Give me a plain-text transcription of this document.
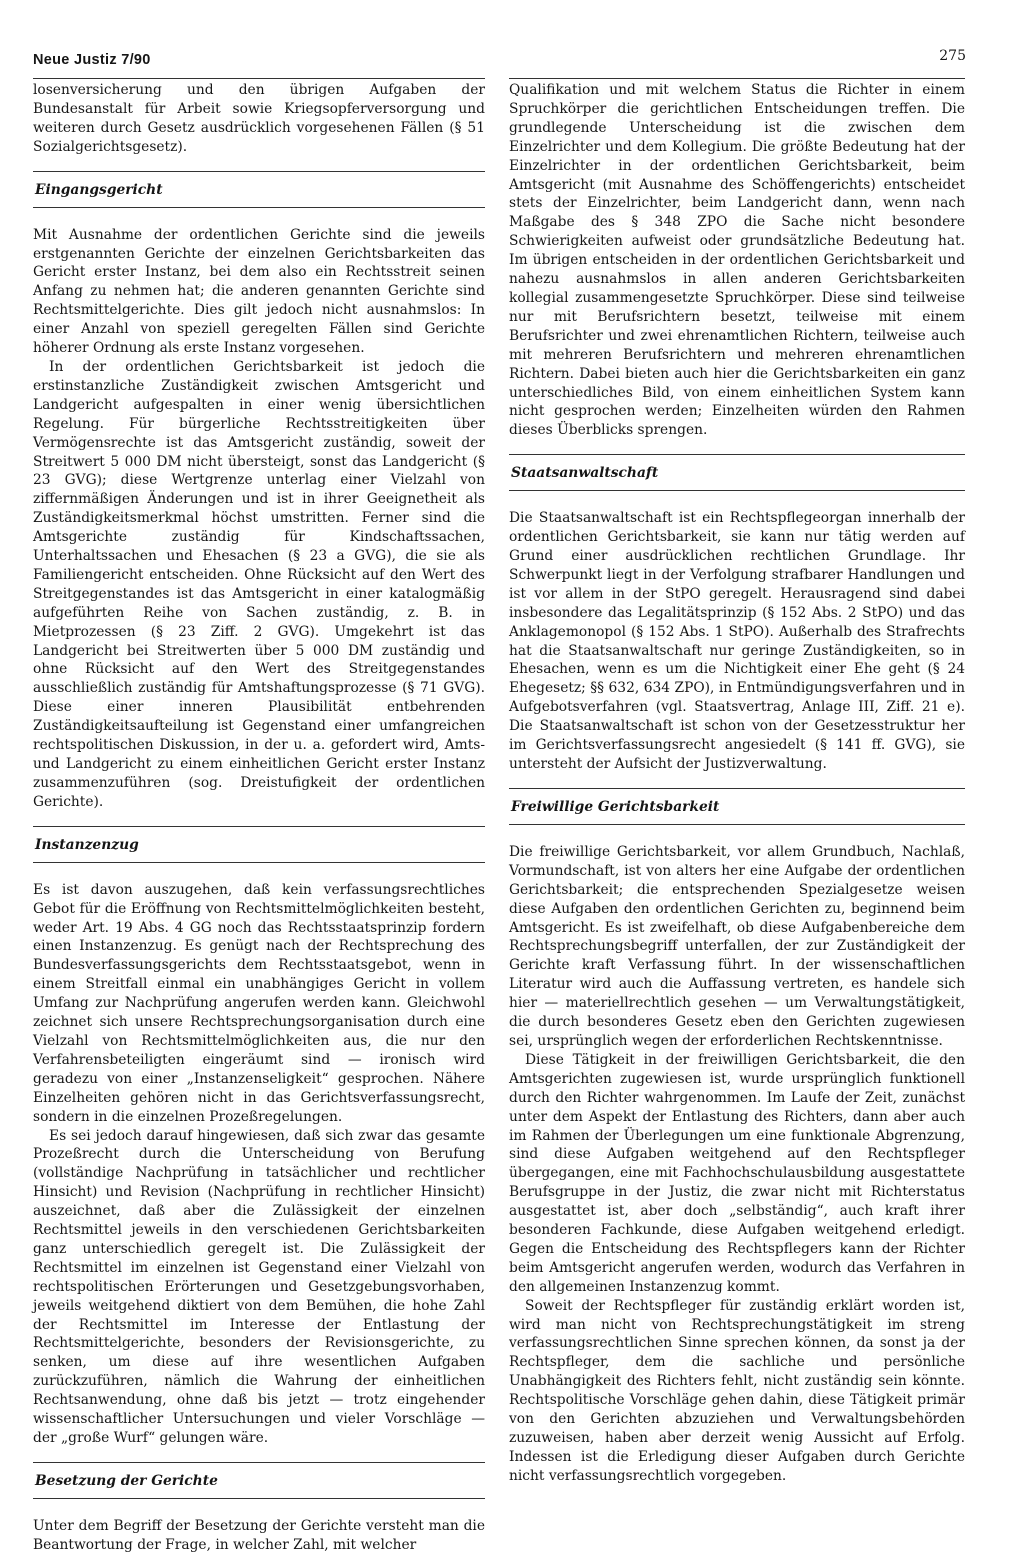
Neue Justiz 7/90	275

losenversicherung und den übrigen Aufgaben der Bundesanstalt für Arbeit sowie Kriegsopferversorgung und weiteren durch Gesetz ausdrücklich vorgesehenen Fällen (§ 51 Sozialgerichtsgesetz).

Eingangsgericht

Mit Ausnahme der ordentlichen Gerichte sind die jeweils erstgenannten Gerichte der einzelnen Gerichtsbarkeiten das Gericht erster Instanz, bei dem also ein Rechtsstreit seinen Anfang zu nehmen hat; die anderen genannten Gerichte sind Rechtsmittelgerichte. Dies gilt jedoch nicht ausnahmslos: In einer Anzahl von speziell geregelten Fällen sind Gerichte höherer Ordnung als erste Instanz vorgesehen.

In der ordentlichen Gerichtsbarkeit ist jedoch die erstinstanzliche Zuständigkeit zwischen Amtsgericht und Landgericht aufgespalten in einer wenig übersichtlichen Regelung. Für bürgerliche Rechtsstreitigkeiten über Vermögensrechte ist das Amtsgericht zuständig, soweit der Streitwert 5 000 DM nicht übersteigt, sonst das Landgericht (§ 23 GVG); diese Wertgrenze unterlag einer Vielzahl von ziffernmäßigen Änderungen und ist in ihrer Geeignetheit als Zuständigkeitsmerkmal höchst umstritten. Ferner sind die Amtsgerichte zuständig für Kindschaftssachen, Unterhaltssachen und Ehesachen (§ 23 a GVG), die sie als Familiengericht entscheiden. Ohne Rücksicht auf den Wert des Streitgegenstandes ist das Amtsgericht in einer katalogmäßig aufgeführten Reihe von Sachen zuständig, z. B. in Mietprozessen (§ 23 Ziff. 2 GVG). Umgekehrt ist das Landgericht bei Streitwerten über 5 000 DM zuständig und ohne Rücksicht auf den Wert des Streitgegenstandes ausschließlich zuständig für Amtshaftungsprozesse (§ 71 GVG). Diese einer inneren Plausibilität entbehrenden Zuständigkeitsaufteilung ist Gegenstand einer umfangreichen rechtspolitischen Diskussion, in der u. a. gefordert wird, Amts- und Landgericht zu einem einheitlichen Gericht erster Instanz zusammenzuführen (sog. Dreistufigkeit der ordentlichen Gerichte).

Instanzenzug

Es ist davon auszugehen, daß kein verfassungsrechtliches Gebot für die Eröffnung von Rechtsmittelmöglichkeiten besteht, weder Art. 19 Abs. 4 GG noch das Rechtsstaatsprinzip fordern einen Instanzenzug. Es genügt nach der Rechtsprechung des Bundesverfassungsgerichts dem Rechtsstaatsgebot, wenn in einem Streitfall einmal ein unabhängiges Gericht in vollem Umfang zur Nachprüfung angerufen werden kann. Gleichwohl zeichnet sich unsere Rechtsprechungsorganisation durch eine Vielzahl von Rechtsmittelmöglichkeiten aus, die nur den Verfahrensbeteiligten eingeräumt sind — ironisch wird geradezu von einer „Instanzenseligkeit“ gesprochen. Nähere Einzelheiten gehören nicht in das Gerichtsverfassungsrecht, sondern in die einzelnen Prozeßregelungen.

Es sei jedoch darauf hingewiesen, daß sich zwar das gesamte Prozeßrecht durch die Unterscheidung von Berufung (vollständige Nachprüfung in tatsächlicher und rechtlicher Hinsicht) und Revision (Nachprüfung in rechtlicher Hinsicht) auszeichnet, daß aber die Zulässigkeit der einzelnen Rechtsmittel jeweils in den verschiedenen Gerichtsbarkeiten ganz unterschiedlich geregelt ist. Die Zulässigkeit der Rechtsmittel im einzelnen ist Gegenstand einer Vielzahl von rechtspolitischen Erörterungen und Gesetzgebungsvorhaben, jeweils weitgehend diktiert von dem Bemühen, die hohe Zahl der Rechtsmittel im Interesse der Entlastung der Rechtsmittelgerichte, besonders der Revisionsgerichte, zu senken, um diese auf ihre wesentlichen Aufgaben zurückzuführen, nämlich die Wahrung der einheitlichen Rechtsanwendung, ohne daß bis jetzt — trotz eingehender wissenschaftlicher Untersuchungen und vieler Vorschläge — der „große Wurf“ gelungen wäre.

Besetzung der Gerichte

Unter dem Begriff der Besetzung der Gerichte versteht man die Beantwortung der Frage, in welcher Zahl, mit welcher

Qualifikation und mit welchem Status die Richter in einem Spruchkörper die gerichtlichen Entscheidungen treffen. Die grundlegende Unterscheidung ist die zwischen dem Einzelrichter und dem Kollegium. Die größte Bedeutung hat der Einzelrichter in der ordentlichen Gerichtsbarkeit, beim Amtsgericht (mit Ausnahme des Schöffengerichts) entscheidet stets der Einzelrichter, beim Landgericht dann, wenn nach Maßgabe des § 348 ZPO die Sache nicht besondere Schwierigkeiten aufweist oder grundsätzliche Bedeutung hat. Im übrigen entscheiden in der ordentlichen Gerichtsbarkeit und nahezu ausnahmslos in allen anderen Gerichtsbarkeiten kollegial zusammengesetzte Spruchkörper. Diese sind teilweise nur mit Berufsrichtern besetzt, teilweise mit einem Berufsrichter und zwei ehrenamtlichen Richtern, teilweise auch mit mehreren Berufsrichtern und mehreren ehrenamtlichen Richtern. Dabei bieten auch hier die Gerichtsbarkeiten ein ganz unterschiedliches Bild, von einem einheitlichen System kann nicht gesprochen werden; Einzelheiten würden den Rahmen dieses Überblicks sprengen.

Staatsanwaltschaft

Die Staatsanwaltschaft ist ein Rechtspflegeorgan innerhalb der ordentlichen Gerichtsbarkeit, sie kann nur tätig werden auf Grund einer ausdrücklichen rechtlichen Grundlage. Ihr Schwerpunkt liegt in der Verfolgung strafbarer Handlungen und ist vor allem in der StPO geregelt. Herausragend sind dabei insbesondere das Legalitätsprinzip (§ 152 Abs. 2 StPO) und das Anklagemonopol (§ 152 Abs. 1 StPO). Außerhalb des Strafrechts hat die Staatsanwaltschaft nur geringe Zuständigkeiten, so in Ehesachen, wenn es um die Nichtigkeit einer Ehe geht (§ 24 Ehegesetz; §§ 632, 634 ZPO), in Entmündigungsverfahren und in Aufgebotsverfahren (vgl. Staatsvertrag, Anlage III, Ziff. 21 e). Die Staatsanwaltschaft ist schon von der Gesetzesstruktur her im Gerichtsverfassungsrecht angesiedelt (§ 141 ff. GVG), sie untersteht der Aufsicht der Justizverwaltung.

Freiwillige Gerichtsbarkeit

Die freiwillige Gerichtsbarkeit, vor allem Grundbuch, Nachlaß, Vormundschaft, ist von alters her eine Aufgabe der ordentlichen Gerichtsbarkeit; die entsprechenden Spezialgesetze weisen diese Aufgaben den ordentlichen Gerichten zu, beginnend beim Amtsgericht. Es ist zweifelhaft, ob diese Aufgabenbereiche dem Rechtsprechungsbegriff unterfallen, der zur Zuständigkeit der Gerichte kraft Verfassung führt. In der wissenschaftlichen Literatur wird auch die Auffassung vertreten, es handele sich hier — materiellrechtlich gesehen — um Verwaltungstätigkeit, die durch besonderes Gesetz eben den Gerichten zugewiesen sei, ursprünglich wegen der erforderlichen Rechtskenntnisse.

Diese Tätigkeit in der freiwilligen Gerichtsbarkeit, die den Amtsgerichten zugewiesen ist, wurde ursprünglich funktionell durch den Richter wahrgenommen. Im Laufe der Zeit, zunächst unter dem Aspekt der Entlastung des Richters, dann aber auch im Rahmen der Überlegungen um eine funktionale Abgrenzung, sind diese Aufgaben weitgehend auf den Rechtspfleger übergegangen, eine mit Fachhochschulausbildung ausgestattete Berufsgruppe in der Justiz, die zwar nicht mit Richterstatus ausgestattet ist, aber doch „selbständig“, auch kraft ihrer besonderen Fachkunde, diese Aufgaben weitgehend erledigt. Gegen die Entscheidung des Rechtspflegers kann der Richter beim Amtsgericht angerufen werden, wodurch das Verfahren in den allgemeinen Instanzenzug kommt.

Soweit der Rechtspfleger für zuständig erklärt worden ist, wird man nicht von Rechtsprechungstätigkeit im streng verfassungsrechtlichen Sinne sprechen können, da sonst ja der Rechtspfleger, dem die sachliche und persönliche Unabhängigkeit des Richters fehlt, nicht zuständig sein könnte. Rechtspolitische Vorschläge gehen dahin, diese Tätigkeit primär von den Gerichten abzuziehen und Verwaltungsbehörden zuzuweisen, haben aber derzeit wenig Aussicht auf Erfolg. Indessen ist die Erledigung dieser Aufgaben durch Gerichte nicht verfassungsrechtlich vorgegeben.
